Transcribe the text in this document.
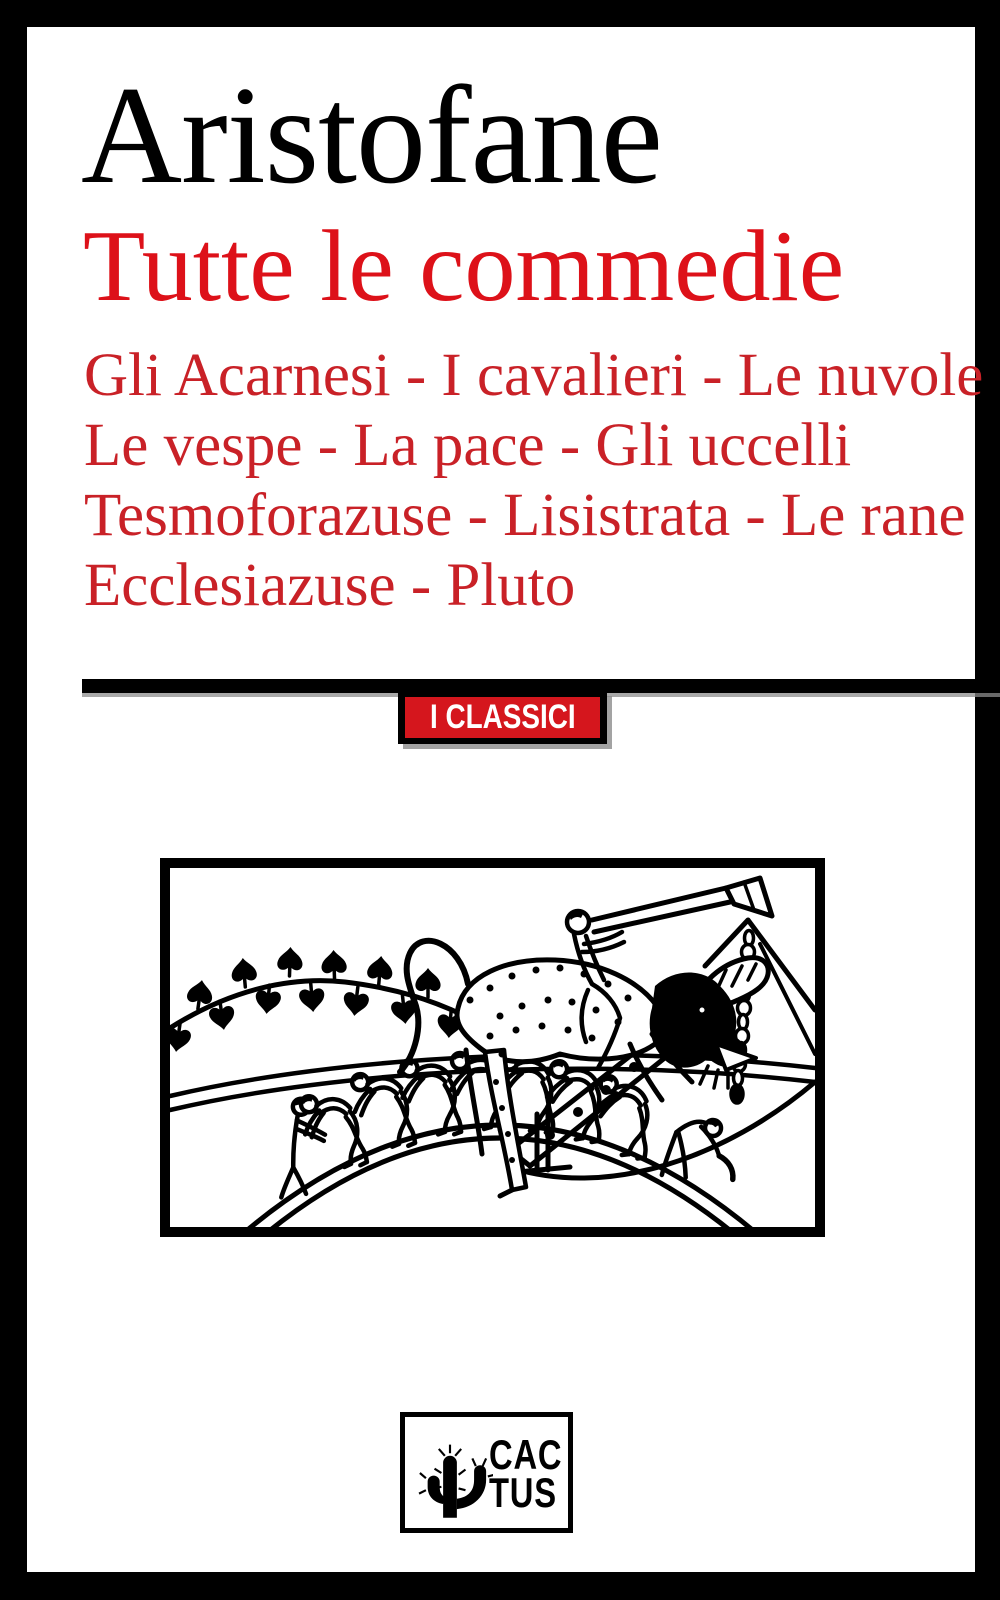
Aristofane
Tutte le commedie
Gli Acarnesi - I cavalieri - Le nuvole
Le vespe - La pace - Gli uccelli
Tesmoforazuse - Lisistrata - Le rane
Ecclesiazuse - Pluto
I CLASSICI
CAC
TUS
